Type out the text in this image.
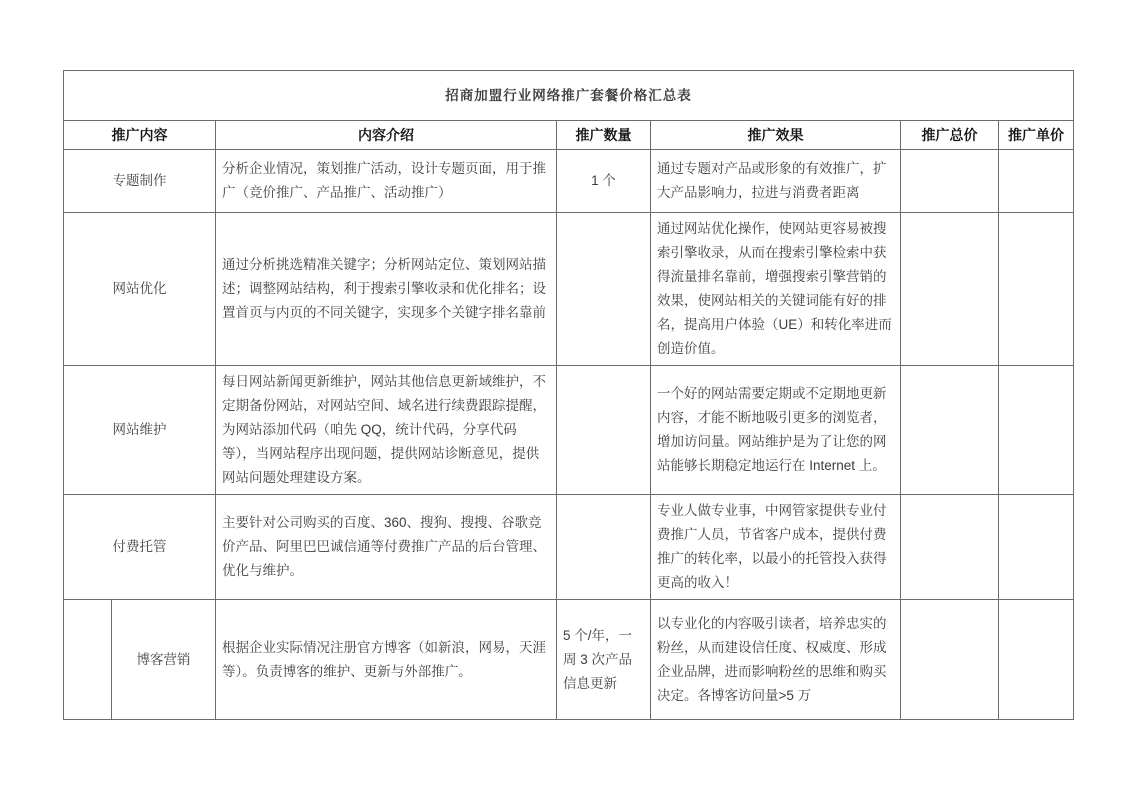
招商加盟行业网络推广套餐价格汇总表						
推广内容		内容介绍	推广数量	推广效果	推广总价	推广单价
专题制作		分析企业情况，策划推广活动，设计专题页面，用于推广（竞价推广、产品推广、活动推广）	1 个	通过专题对产品或形象的有效推广，扩大产品影响力，拉进与消费者距离		
网站优化		通过分析挑选精准关键字；分析网站定位、策划网站描述；调整网站结构，利于搜索引擎收录和优化排名；设置首页与内页的不同关键字，实现多个关键字排名靠前		通过网站优化操作，使网站更容易被搜索引擎收录，从而在搜索引擎检索中获得流量排名靠前，增强搜索引擎营销的效果，使网站相关的关键词能有好的排名，提高用户体验（UE）和转化率进而创造价值。		
网站维护		每日网站新闻更新维护，网站其他信息更新域维护，不定期备份网站，对网站空间、域名进行续费跟踪提醒，为网站添加代码（咱先 QQ，统计代码，分享代码等），当网站程序出现问题，提供网站诊断意见，提供网站问题处理建设方案。		一个好的网站需要定期或不定期地更新内容，才能不断地吸引更多的浏览者，增加访问量。网站维护是为了让您的网站能够长期稳定地运行在 Internet 上。		
付费托管		主要针对公司购买的百度、360、搜狗、搜搜、谷歌竞价产品、阿里巴巴诚信通等付费推广产品的后台管理、优化与维护。		专业人做专业事，中网管家提供专业付费推广人员，节省客户成本，提供付费推广的转化率，以最小的托管投入获得更高的收入！		
	博客营销	根据企业实际情况注册官方博客（如新浪，网易，天涯等）。负责博客的维护、更新与外部推广。	5 个/年，一周 3 次产品信息更新	以专业化的内容吸引读者，培养忠实的粉丝，从而建设信任度、权威度、形成企业品牌，进而影响粉丝的思维和购买决定。各博客访问量>5 万		
